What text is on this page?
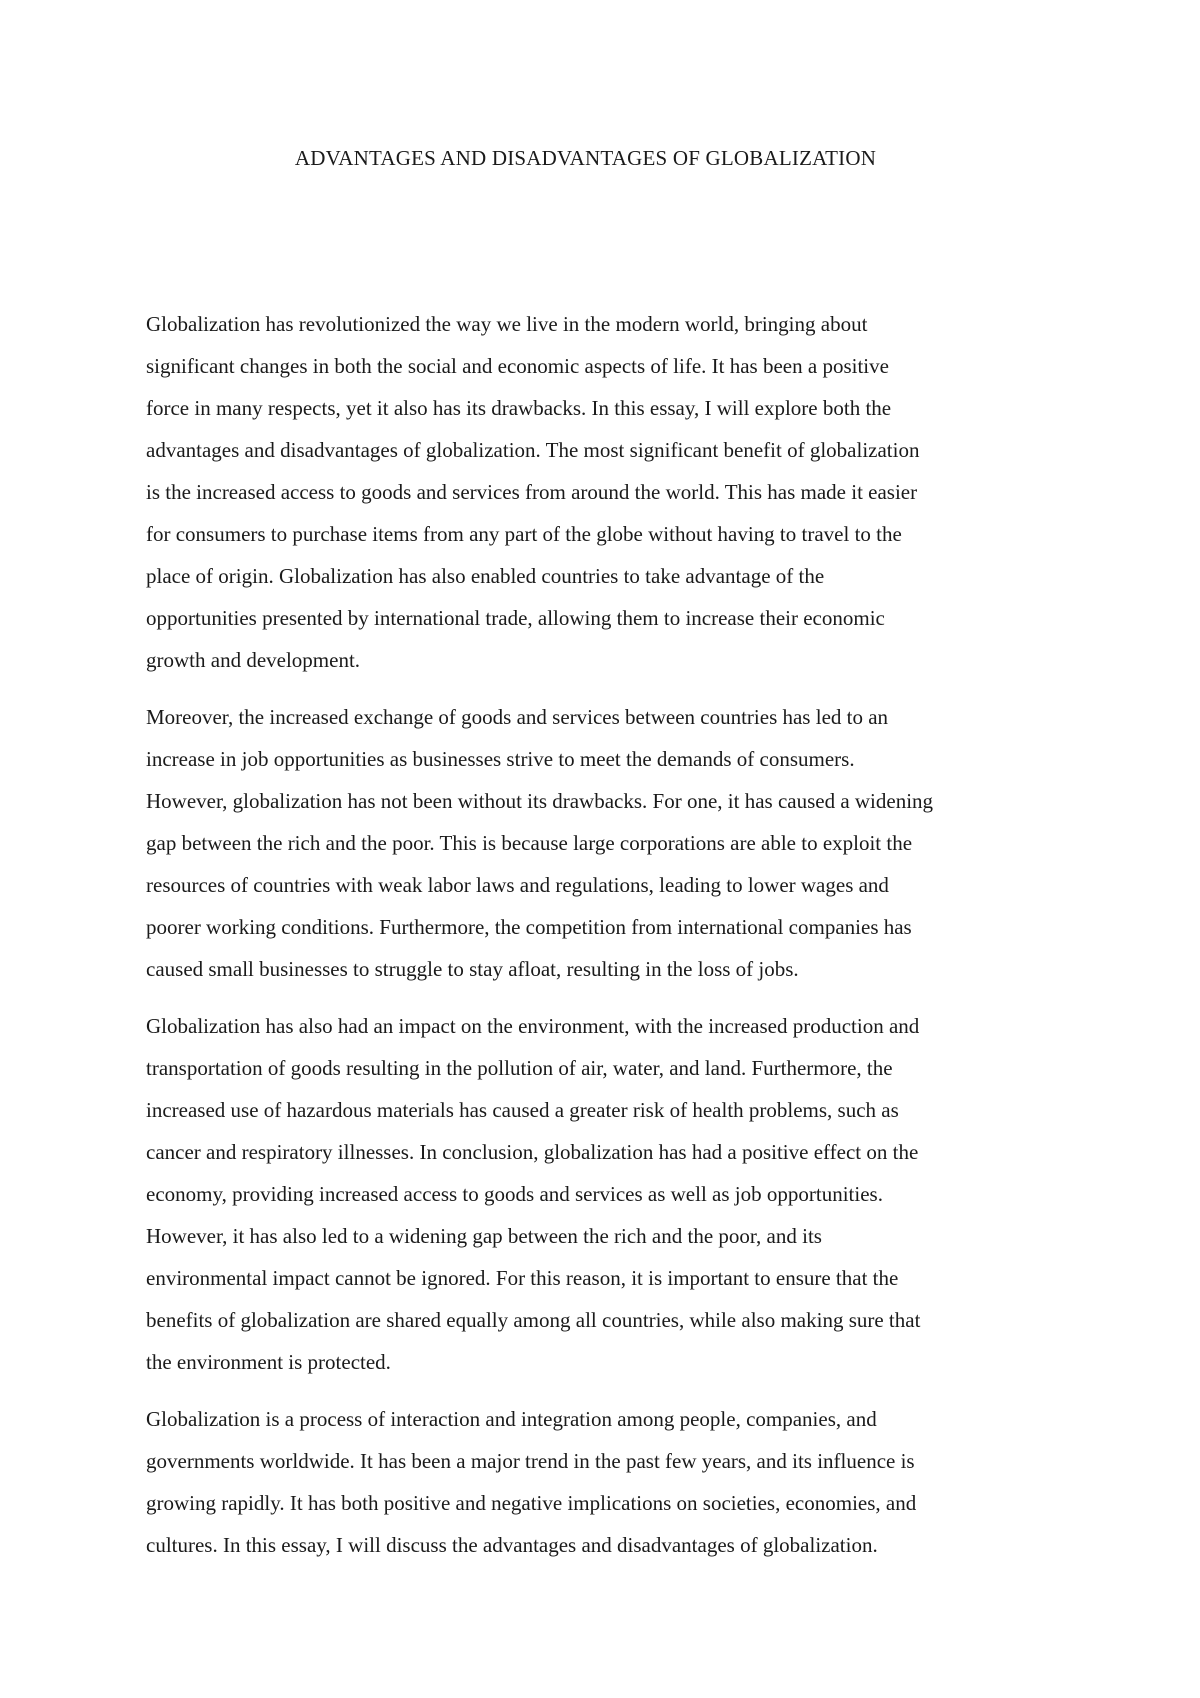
ADVANTAGES AND DISADVANTAGES OF GLOBALIZATION

Globalization has revolutionized the way we live in the modern world, bringing about
significant changes in both the social and economic aspects of life. It has been a positive
force in many respects, yet it also has its drawbacks. In this essay, I will explore both the
advantages and disadvantages of globalization. The most significant benefit of globalization
is the increased access to goods and services from around the world. This has made it easier
for consumers to purchase items from any part of the globe without having to travel to the
place of origin. Globalization has also enabled countries to take advantage of the
opportunities presented by international trade, allowing them to increase their economic
growth and development.

Moreover, the increased exchange of goods and services between countries has led to an
increase in job opportunities as businesses strive to meet the demands of consumers.
However, globalization has not been without its drawbacks. For one, it has caused a widening
gap between the rich and the poor. This is because large corporations are able to exploit the
resources of countries with weak labor laws and regulations, leading to lower wages and
poorer working conditions. Furthermore, the competition from international companies has
caused small businesses to struggle to stay afloat, resulting in the loss of jobs.

Globalization has also had an impact on the environment, with the increased production and
transportation of goods resulting in the pollution of air, water, and land. Furthermore, the
increased use of hazardous materials has caused a greater risk of health problems, such as
cancer and respiratory illnesses. In conclusion, globalization has had a positive effect on the
economy, providing increased access to goods and services as well as job opportunities.
However, it has also led to a widening gap between the rich and the poor, and its
environmental impact cannot be ignored. For this reason, it is important to ensure that the
benefits of globalization are shared equally among all countries, while also making sure that
the environment is protected.

Globalization is a process of interaction and integration among people, companies, and
governments worldwide. It has been a major trend in the past few years, and its influence is
growing rapidly. It has both positive and negative implications on societies, economies, and
cultures. In this essay, I will discuss the advantages and disadvantages of globalization.
